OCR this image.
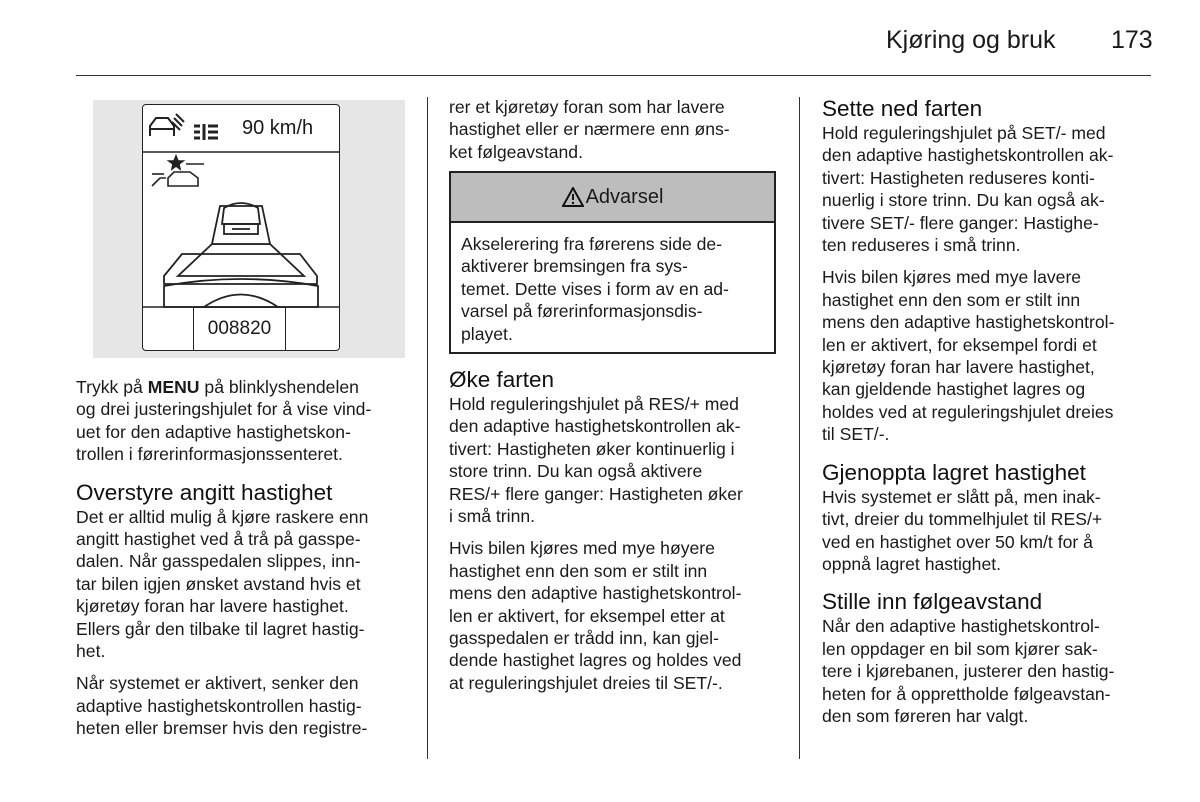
Kjøring og bruk 173
90 km/h
008820

Trykk på MENU på blinklyshendelen
og drei justeringshjulet for å vise vind-
uet for den adaptive hastighetskon-
trollen i førerinformasjonssenteret.

Overstyre angitt hastighet

Det er alltid mulig å kjøre raskere enn
angitt hastighet ved å trå på gasspe-
dalen. Når gasspedalen slippes, inn-
tar bilen igjen ønsket avstand hvis et
kjøretøy foran har lavere hastighet.
Ellers går den tilbake til lagret hastig-
het.

Når systemet er aktivert, senker den
adaptive hastighetskontrollen hastig-
heten eller bremser hvis den registre-

rer et kjøretøy foran som har lavere
hastighet eller er nærmere enn øns-
ket følgeavstand.

Advarsel
Akselerering fra førerens side de-
aktiverer bremsingen fra sys-
temet. Dette vises i form av en ad-
varsel på førerinformasjonsdis-
playet.
Øke farten

Hold reguleringshjulet på RES/+ med
den adaptive hastighetskontrollen ak-
tivert: Hastigheten øker kontinuerlig i
store trinn. Du kan også aktivere
RES/+ flere ganger: Hastigheten øker
i små trinn.

Hvis bilen kjøres med mye høyere
hastighet enn den som er stilt inn
mens den adaptive hastighetskontrol-
len er aktivert, for eksempel etter at
gasspedalen er trådd inn, kan gjel-
dende hastighet lagres og holdes ved
at reguleringshjulet dreies til SET/-.

Sette ned farten

Hold reguleringshjulet på SET/- med
den adaptive hastighetskontrollen ak-
tivert: Hastigheten reduseres konti-
nuerlig i store trinn. Du kan også ak-
tivere SET/- flere ganger: Hastighe-
ten reduseres i små trinn.

Hvis bilen kjøres med mye lavere
hastighet enn den som er stilt inn
mens den adaptive hastighetskontrol-
len er aktivert, for eksempel fordi et
kjøretøy foran har lavere hastighet,
kan gjeldende hastighet lagres og
holdes ved at reguleringshjulet dreies
til SET/-.

Gjenoppta lagret hastighet

Hvis systemet er slått på, men inak-
tivt, dreier du tommelhjulet til RES/+
ved en hastighet over 50 km/t for å
oppnå lagret hastighet.

Stille inn følgeavstand

Når den adaptive hastighetskontrol-
len oppdager en bil som kjører sak-
tere i kjørebanen, justerer den hastig-
heten for å opprettholde følgeavstan-
den som føreren har valgt.
